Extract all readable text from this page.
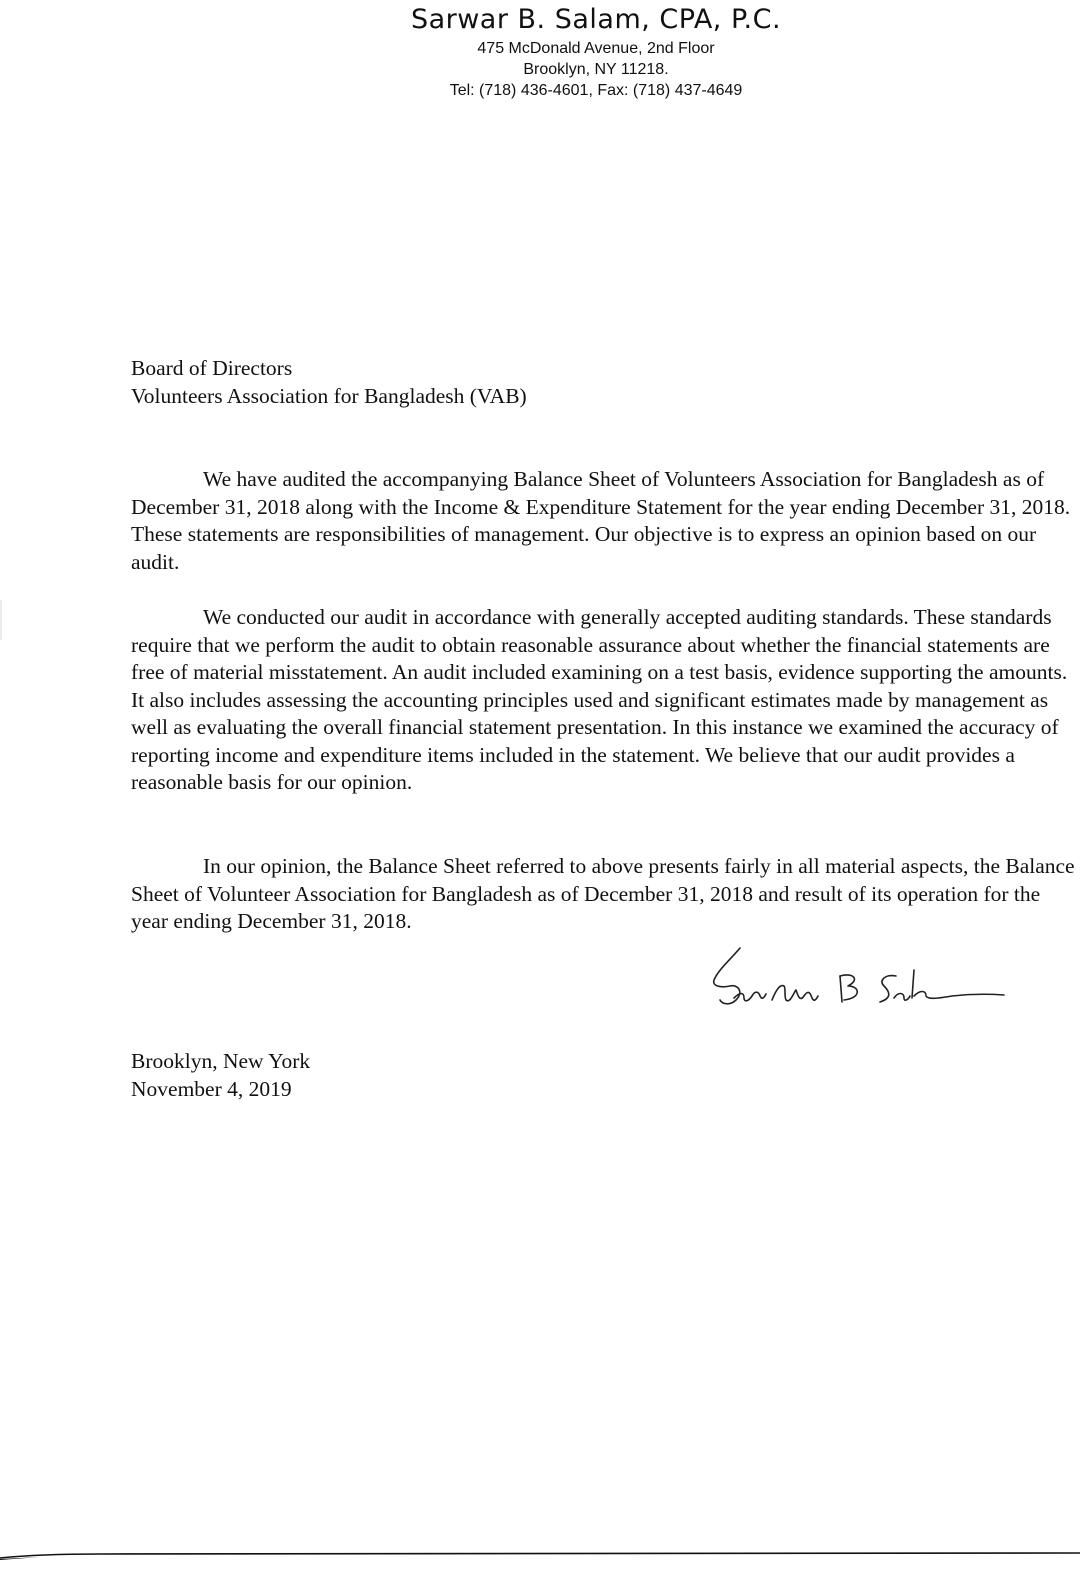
Sarwar B. Salam, CPA, P.C.
475 McDonald Avenue, 2nd Floor
Brooklyn, NY 11218.
Tel: (718) 436-4601, Fax: (718) 437-4649
Board of Directors
Volunteers Association for Bangladesh (VAB)

We have audited the accompanying Balance Sheet of Volunteers Association for Bangladesh as of December 31, 2018 along with the Income & Expenditure Statement for the year ending December 31, 2018. These statements are responsibilities of management. Our objective is to express an opinion based on our audit.

We conducted our audit in accordance with generally accepted auditing standards. These standards require that we perform the audit to obtain reasonable assurance about whether the financial statements are free of material misstatement. An audit included examining on a test basis, evidence supporting the amounts. It also includes assessing the accounting principles used and significant estimates made by management as well as evaluating the overall financial statement presentation. In this instance we examined the accuracy of reporting income and expenditure items included in the statement. We believe that our audit provides a reasonable basis for our opinion.

In our opinion, the Balance Sheet referred to above presents fairly in all material aspects, the Balance Sheet of Volunteer Association for Bangladesh as of December 31, 2018 and result of its operation for the year ending December 31, 2018.

Brooklyn, New York
November 4, 2019
